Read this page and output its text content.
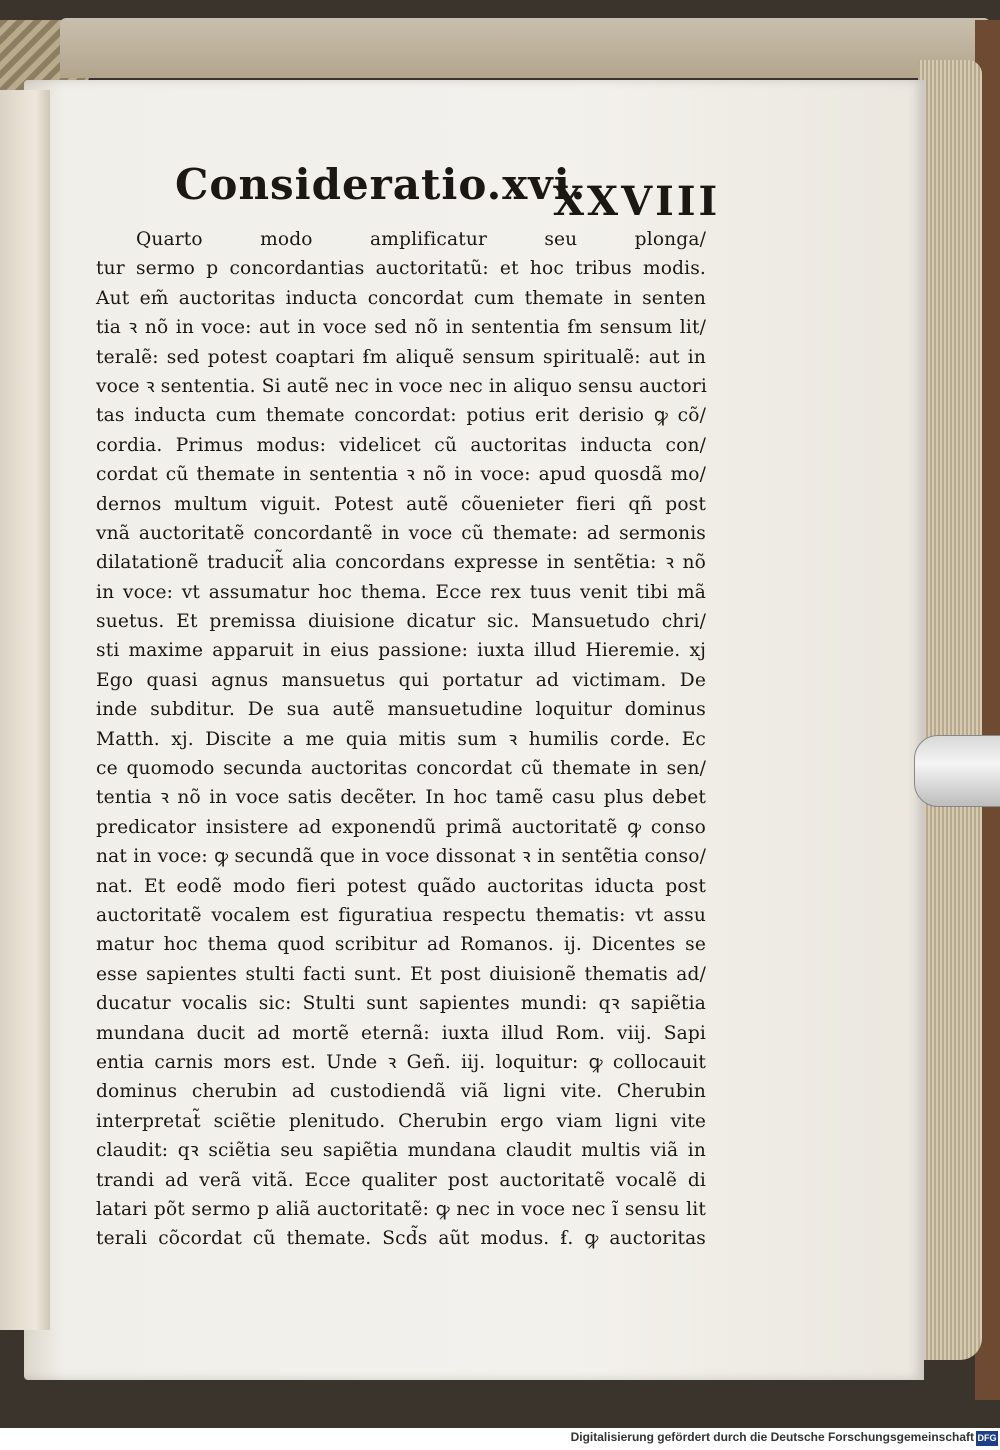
Consideratio.xvi.
XXVIII
Quarto modo amplificatur seu plonga/
tur sermo p concordantias auctoritatũ: et hoc tribus modis.
Aut em̃ auctoritas inducta concordat cum themate in senten
tia ꝛ nõ in voce: aut in voce sed nõ in sententia ẜm sensum lit/
teralẽ: sed potest coaptari ẜm aliquẽ sensum spiritualẽ: aut in
voce ꝛ sententia. Si autẽ nec in voce nec in aliquo sensu auctori
tas inducta cum themate concordat: potius erit derisio ꝙ cõ/
cordia. Primus modus: videlicet cũ auctoritas inducta con/
cordat cũ themate in sententia ꝛ nõ in voce: apud quosdã mo/
dernos multum viguit. Potest autẽ cõuenieter fieri qñ post
vnã auctoritatẽ concordantẽ in voce cũ themate: ad sermonis
dilatationẽ traducit̃ alia concordans expresse in sentẽtia: ꝛ nõ
in voce: vt assumatur hoc thema. Ecce rex tuus venit tibi mã
suetus. Et premissa diuisione dicatur sic. Mansuetudo chri/
sti maxime apparuit in eius passione: iuxta illud Hieremie. xj
Ego quasi agnus mansuetus qui portatur ad victimam. De
inde subditur. De sua autẽ mansuetudine loquitur dominus
Matth. xj. Discite a me quia mitis sum ꝛ humilis corde. Ec
ce quomodo secunda auctoritas concordat cũ themate in sen/
tentia ꝛ nõ in voce satis decẽter. In hoc tamẽ casu plus debet
predicator insistere ad exponendũ primã auctoritatẽ ꝙ conso
nat in voce: ꝙ secundã que in voce dissonat ꝛ in sentẽtia conso/
nat. Et eodẽ modo fieri potest quãdo auctoritas iducta post
auctoritatẽ vocalem est figuratiua respectu thematis: vt assu
matur hoc thema quod scribitur ad Romanos. ij. Dicentes se
esse sapientes stulti facti sunt. Et post diuisionẽ thematis ad/
ducatur vocalis sic: Stulti sunt sapientes mundi: qꝛ sapiẽtia
mundana ducit ad mortẽ eternã: iuxta illud Rom. viij. Sapi
entia carnis mors est. Unde ꝛ Geñ. iij. loquitur: ꝙ collocauit
dominus cherubin ad custodiendã viã ligni vite. Cherubin
interpretat̃ sciẽtie plenitudo. Cherubin ergo viam ligni vite
claudit: qꝛ sciẽtia seu sapiẽtia mundana claudit multis viã in
trandi ad verã vitã. Ecce qualiter post auctoritatẽ vocalẽ di
latari põt sermo p aliã auctoritatẽ: ꝙ nec in voce nec ĩ sensu lit
terali cõcordat cũ themate. Scd̃s aũt modus. ẜ. ꝙ auctoritas
Digitalisierung gefördert durch die Deutsche Forschungsgemeinschaft DFG
